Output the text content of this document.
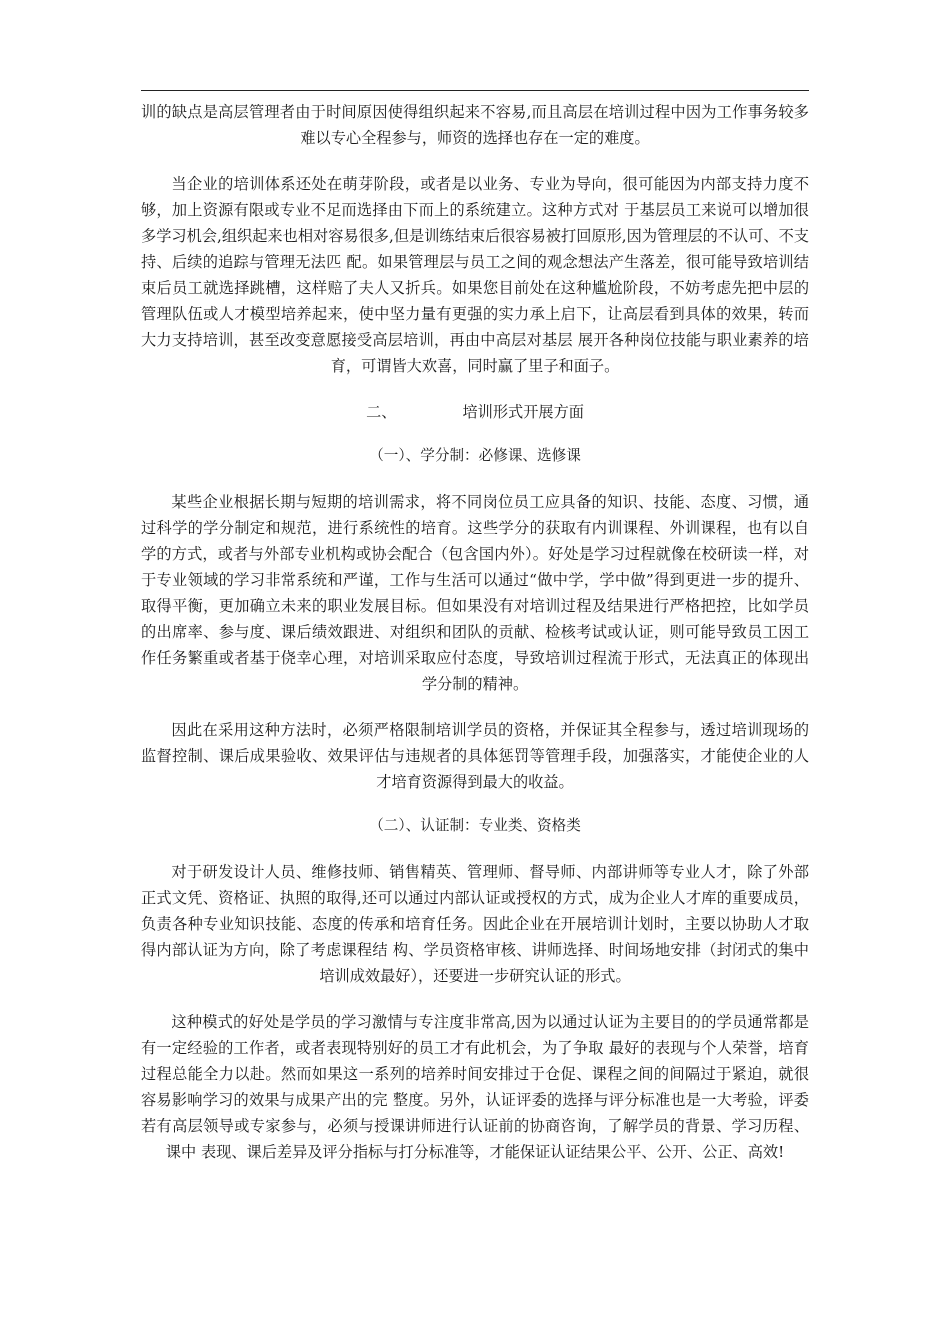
训的缺点是高层管理者由于时间原因使得组织起来不容易,而且高层在培训过程中因为工作事务较多难以专心全程参与，师资的选择也存在一定的难度。

当企业的培训体系还处在萌芽阶段，或者是以业务、专业为导向，很可能因为内部支持力度不够，加上资源有限或专业不足而选择由下而上的系统建立。这种方式对 于基层员工来说可以增加很多学习机会,组织起来也相对容易很多,但是训练结束后很容易被打回原形,因为管理层的不认可、不支持、后续的追踪与管理无法匹 配。如果管理层与员工之间的观念想法产生落差，很可能导致培训结束后员工就选择跳槽，这样赔了夫人又折兵。如果您目前处在这种尴尬阶段，不妨考虑先把中层的管理队伍或人才模型培养起来，使中坚力量有更强的实力承上启下，让高层看到具体的效果，转而大力支持培训，甚至改变意愿接受高层培训，再由中高层对基层 展开各种岗位技能与职业素养的培育，可谓皆大欢喜，同时赢了里子和面子。

二、	培训形式开展方面

（一）、学分制：必修课、选修课

某些企业根据长期与短期的培训需求，将不同岗位员工应具备的知识、技能、态度、习惯，通过科学的学分制定和规范，进行系统性的培育。这些学分的获取有内训课程、外训课程，也有以自学的方式，或者与外部专业机构或协会配合（包含国内外）。好处是学习过程就像在校研读一样，对于专业领域的学习非常系统和严谨，工作与生活可以通过“做中学，学中做”得到更进一步的提升、取得平衡，更加确立未来的职业发展目标。但如果没有对培训过程及结果进行严格把控，比如学员的出席率、参与度、课后绩效跟进、对组织和团队的贡献、检核考试或认证，则可能导致员工因工作任务繁重或者基于侥幸心理，对培训采取应付态度，导致培训过程流于形式，无法真正的体现出学分制的精神。

因此在采用这种方法时，必须严格限制培训学员的资格，并保证其全程参与，透过培训现场的监督控制、课后成果验收、效果评估与违规者的具体惩罚等管理手段，加强落实，才能使企业的人才培育资源得到最大的收益。

（二）、认证制：专业类、资格类

对于研发设计人员、维修技师、销售精英、管理师、督导师、内部讲师等专业人才，除了外部正式文凭、资格证、执照的取得,还可以通过内部认证或授权的方式，成为企业人才库的重要成员，负责各种专业知识技能、态度的传承和培育任务。因此企业在开展培训计划时，主要以协助人才取得内部认证为方向，除了考虑课程结 构、学员资格审核、讲师选择、时间场地安排（封闭式的集中培训成效最好），还要进一步研究认证的形式。

这种模式的好处是学员的学习激情与专注度非常高,因为以通过认证为主要目的的学员通常都是有一定经验的工作者，或者表现特别好的员工才有此机会，为了争取 最好的表现与个人荣誉，培育过程总能全力以赴。然而如果这一系列的培养时间安排过于仓促、课程之间的间隔过于紧迫，就很容易影响学习的效果与成果产出的完 整度。另外，认证评委的选择与评分标准也是一大考验，评委若有高层领导或专家参与，必须与授课讲师进行认证前的协商咨询，了解学员的背景、学习历程、课中 表现、课后差异及评分指标与打分标准等，才能保证认证结果公平、公开、公正、高效!
